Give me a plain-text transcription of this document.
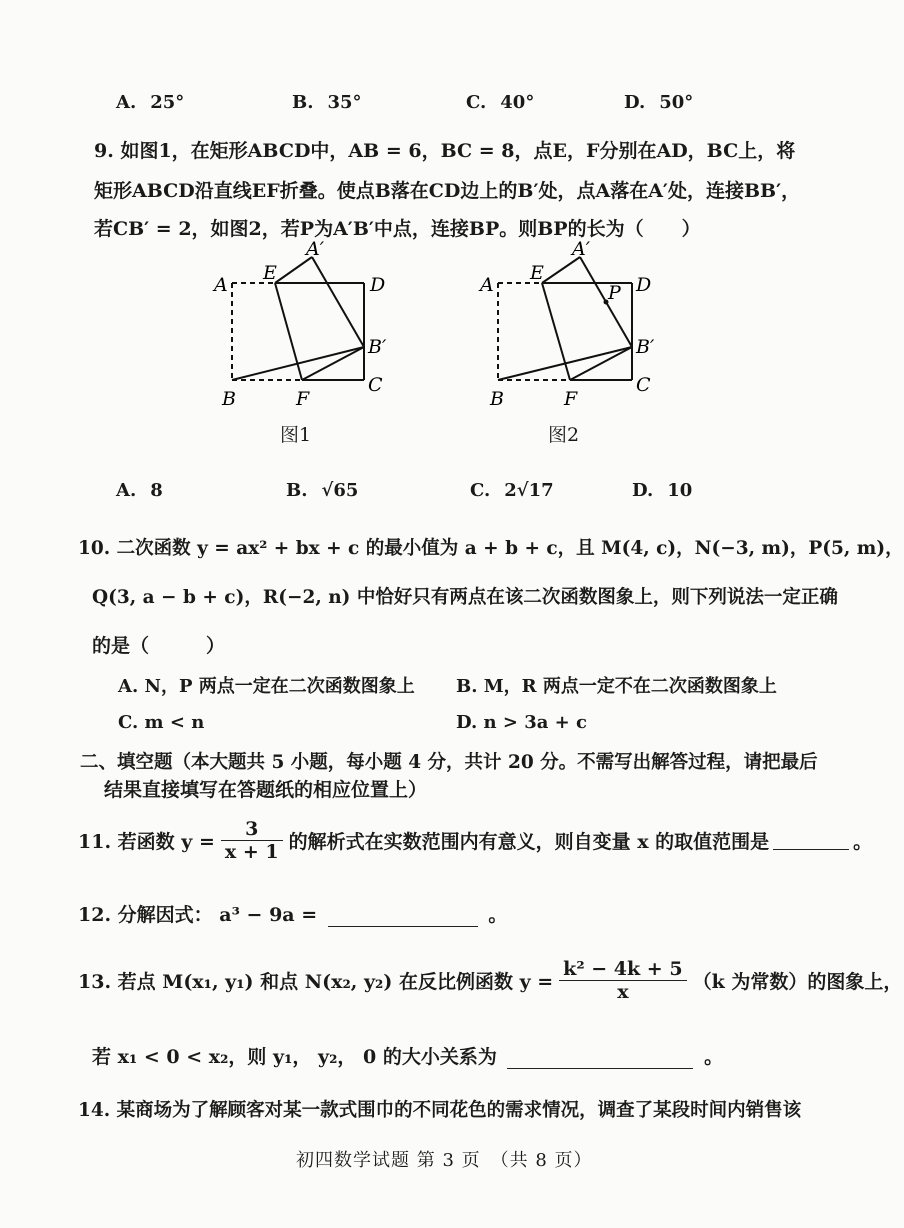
A. 25°	B. 35°	C. 40°	D. 50°
9. 如图1，在矩形ABCD中，AB = 6，BC = 8，点E，F分别在AD，BC上，将
矩形ABCD沿直线EF折叠。使点B落在CD边上的B′处，点A落在A′处，连接BB′，
若CB′ = 2，如图2，若P为A′B′中点，连接BP。则BP的长为（　　）
A
E
A′
D
B′
B	F
C
图1
A
E
A′
P D
B′
B	F
C
图2
A. 8	B. √65	C. 2√17	D. 10
10. 二次函数 y = ax² + bx + c 的最小值为 a + b + c，且 M(4, c)，N(−3, m)，P(5, m)，
Q(3, a − b + c)，R(−2, n) 中恰好只有两点在该二次函数图象上，则下列说法一定正确
的是（　　　）
A. N，P 两点一定在二次函数图象上 B. M，R 两点一定不在二次函数图象上
C. m < n	D. n > 3a + c
二、填空题（本大题共 5 小题，每小题 4 分，共计 20 分。不需写出解答过程，请把最后
结果直接填写在答题纸的相应位置上）
11. 若函数 $y = \frac{3}{x + 1}$ 的解析式在实数范围内有意义，则自变量 x 的取值范围是	。
12. 分解因式： a³ − 9a =	。
13. 若点 M(x₁, y₁) 和点 N(x₂, y₂) 在反比例函数 $y = \frac{\text{k² − 4k + 5}}{x} (k$ 为常数）的图象上，
若 x₁ < 0 < x₂，则 y₁， y₂， 0 的大小关系为	。
14. 某商场为了解顾客对某一款式围巾的不同花色的需求情况，调查了某段时间内销售该
初四数学试题 第 3 页　（共 8 页）
